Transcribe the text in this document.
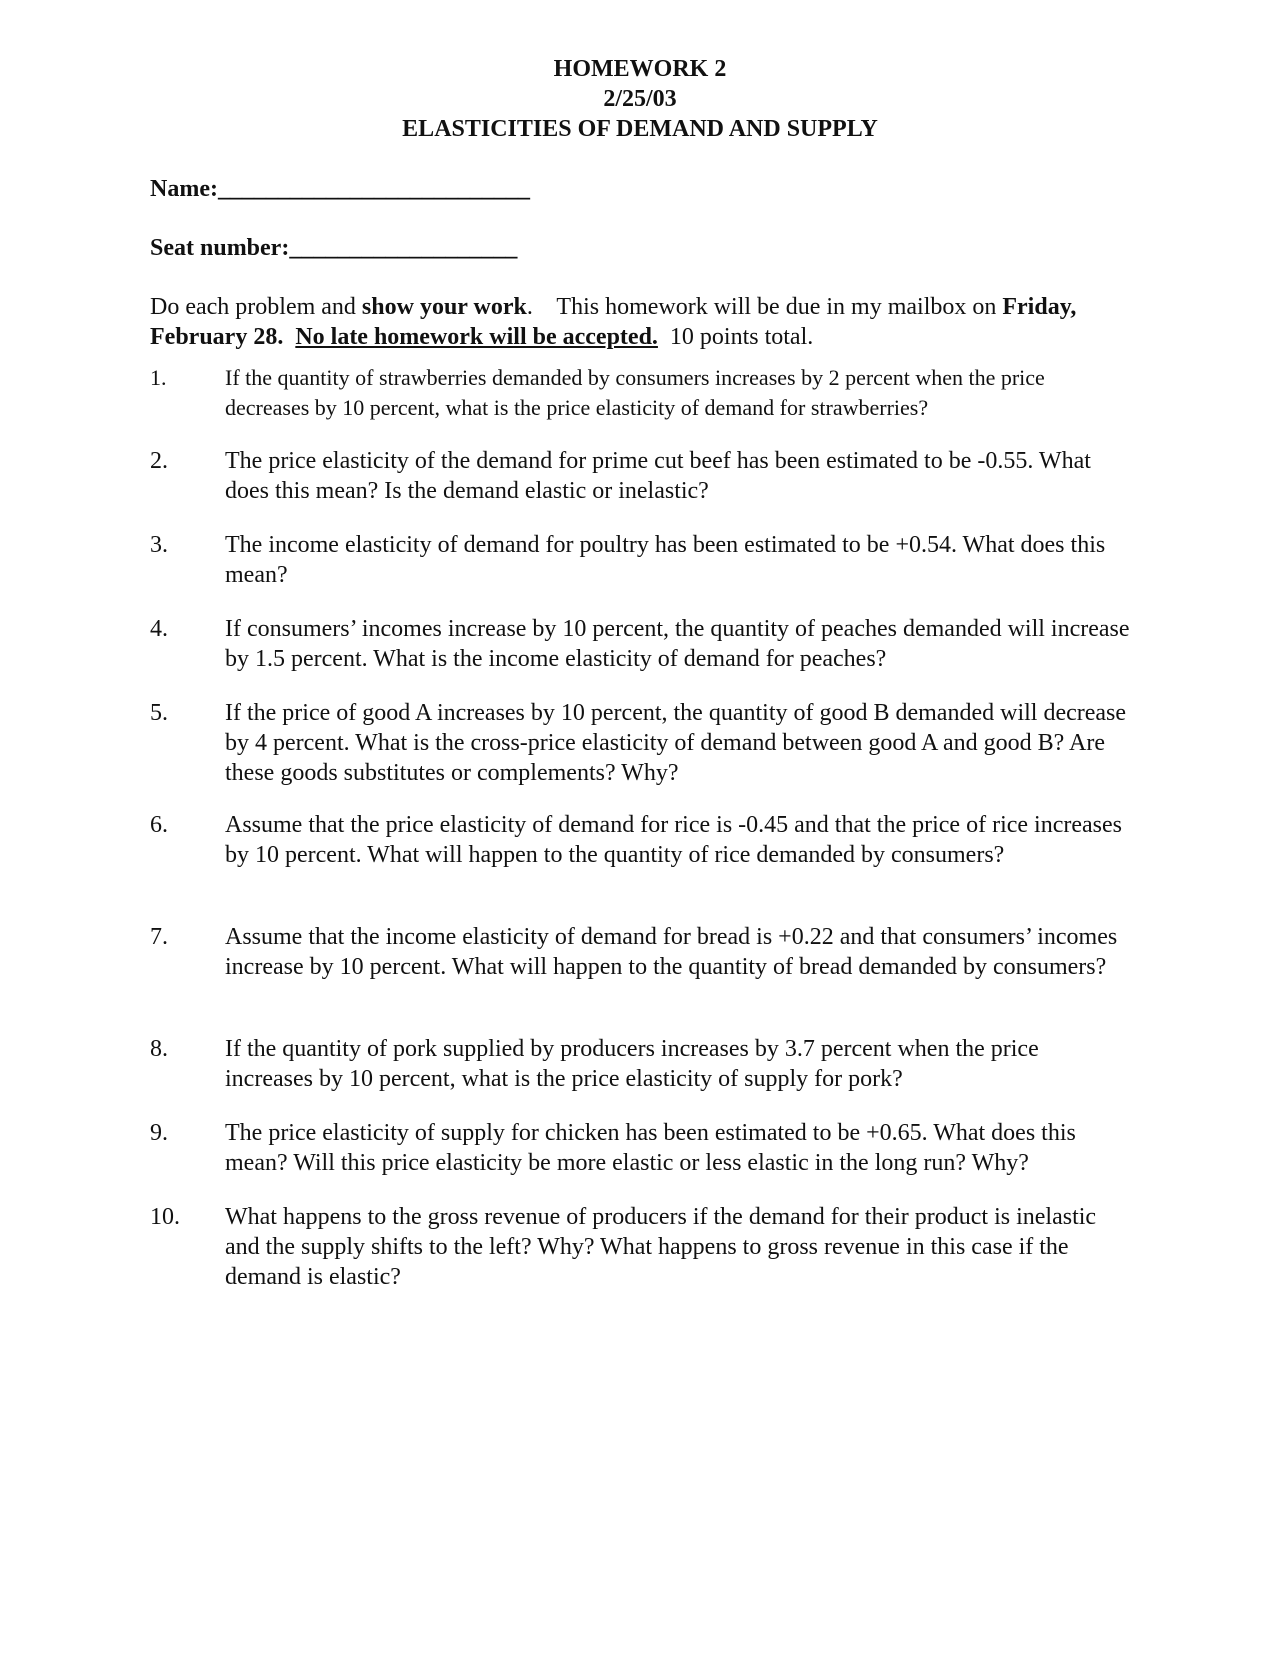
HOMEWORK 2
2/25/03
ELASTICITIES OF DEMAND AND SUPPLY
Name:__________________________
Seat number:___________________
Do each problem and show your work.    This homework will be due in my mailbox on Friday, February 28. No late homework will be accepted.  10 points total.
1.	If the quantity of strawberries demanded by consumers increases by 2 percent when the price decreases by 10 percent, what is the price elasticity of demand for strawberries?
2.	The price elasticity of the demand for prime cut beef has been estimated to be -0.55. What does this mean? Is the demand elastic or inelastic?
3.	The income elasticity of demand for poultry has been estimated to be +0.54. What does this mean?
4.	If consumers’ incomes increase by 10 percent, the quantity of peaches demanded will increase by 1.5 percent. What is the income elasticity of demand for peaches?
5.	If the price of good A increases by 10 percent, the quantity of good B demanded will decrease by 4 percent. What is the cross-price elasticity of demand between good A and good B? Are these goods substitutes or complements? Why?
6.	Assume that the price elasticity of demand for rice is -0.45 and that the price of rice increases by 10 percent. What will happen to the quantity of rice demanded by consumers?
7.	Assume that the income elasticity of demand for bread is +0.22 and that consumers’ incomes increase by 10 percent. What will happen to the quantity of bread demanded by consumers?
8.	If the quantity of pork supplied by producers increases by 3.7 percent when the price increases by 10 percent, what is the price elasticity of supply for pork?
9.	The price elasticity of supply for chicken has been estimated to be +0.65. What does this mean? Will this price elasticity be more elastic or less elastic in the long run? Why?
10.	What happens to the gross revenue of producers if the demand for their product is inelastic and the supply shifts to the left? Why? What happens to gross revenue in this case if the demand is elastic?
